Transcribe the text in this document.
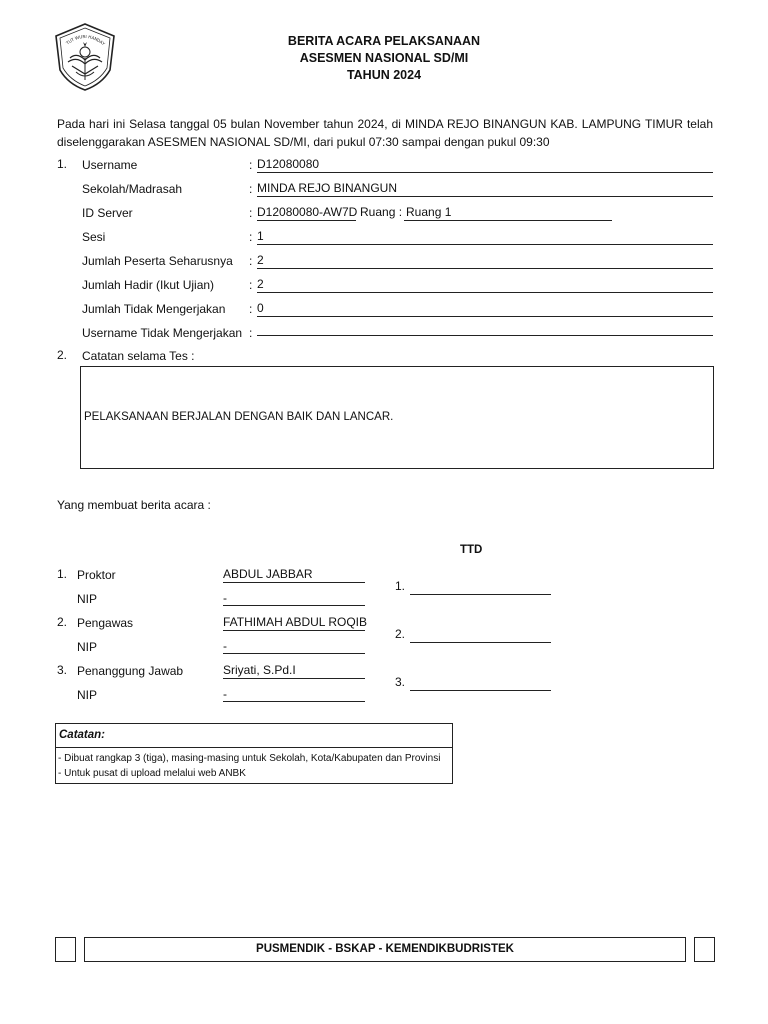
TUT WURI HANDAY	BERITA ACARA PELAKSANAAN
ASESMEN NASIONAL SD/MI
TAHUN 2024
Pada hari ini Selasa tanggal 05 bulan November tahun 2024, di MINDA REJO BINANGUN KAB. LAMPUNG TIMUR telah
diselenggarakan ASESMEN NASIONAL SD/MI, dari pukul 07:30 sampai dengan pukul 09:30
1. Username	: D12080080
Sekolah/Madrasah	: MINDA REJO BINANGUN
ID Server	: D12080080-AW7D Ruang : Ruang 1
Sesi	: 1
Jumlah Peserta Seharusnya : 2
Jumlah Hadir (Ikut Ujian)	: 2
Jumlah Tidak Mengerjakan : 0
Username Tidak Mengerjakan :
2. Catatan selama Tes :
PELAKSANAAN BERJALAN DENGAN BAIK DAN LANCAR.
Yang membuat berita acara :
TTD
1. Proktor	ABDUL JABBAR
NIP	-
1.
2. Pengawas	FATHIMAH ABDUL ROQIB
NIP	-
2.
3. Penanggung Jawab	Sriyati, S.Pd.I
NIP	-
3.
Catatan:
- Dibuat rangkap 3 (tiga), masing-masing untuk Sekolah, Kota/Kabupaten dan Provinsi
- Untuk pusat di upload melalui web ANBK
PUSMENDIK - BSKAP - KEMENDIKBUDRISTEK
